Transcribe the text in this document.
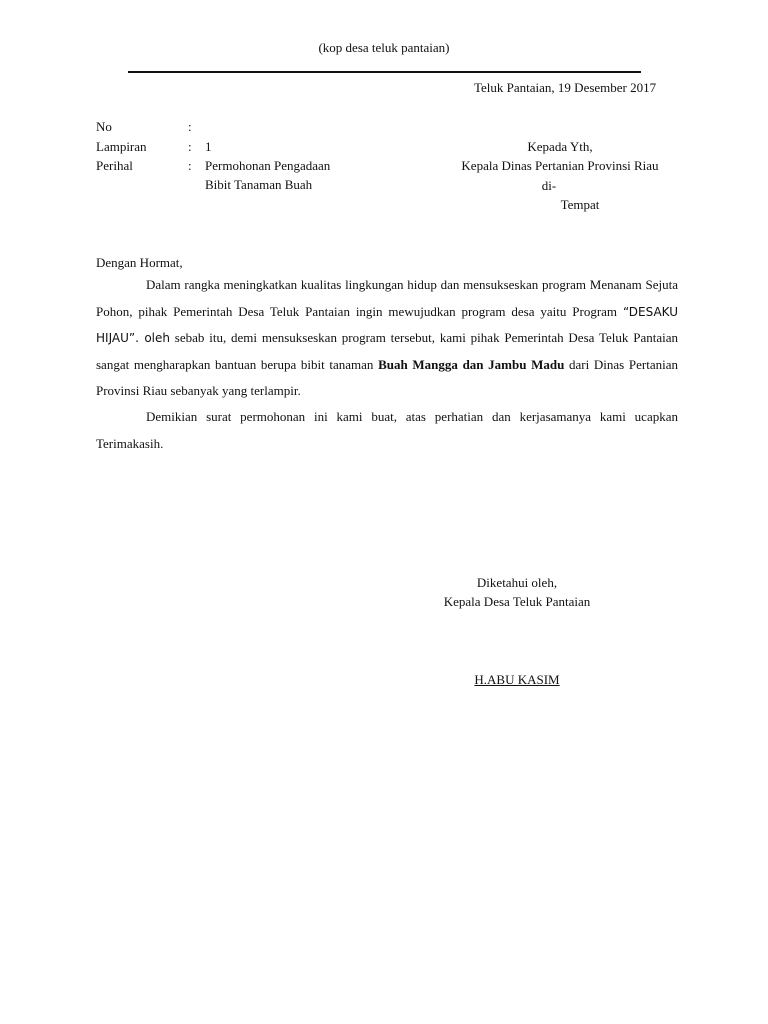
(kop desa teluk pantaian)
Teluk Pantaian, 19 Desember 2017
No	:
Lampiran	: 1
Perihal	: Permohonan Pengadaan
Bibit Tanaman Buah
Kepada Yth,
Kepala Dinas Pertanian Provinsi Riau
di-
Tempat
Dengan Hormat,
Dalam rangka meningkatkan kualitas lingkungan hidup dan mensukseskan program Menanam Sejuta Pohon, pihak Pemerintah Desa Teluk Pantaian ingin mewujudkan program desa yaitu Program “DESAKU HIJAU”. oleh sebab itu, demi mensukseskan program tersebut, kami pihak Pemerintah Desa Teluk Pantaian sangat mengharapkan bantuan berupa bibit tanaman Buah Mangga dan Jambu Madu dari Dinas Pertanian Provinsi Riau sebanyak yang terlampir.
Demikian surat permohonan ini kami buat, atas perhatian dan kerjasamanya kami ucapkan Terimakasih.
Diketahui oleh,
Kepala Desa Teluk Pantaian
H.ABU KASIM
